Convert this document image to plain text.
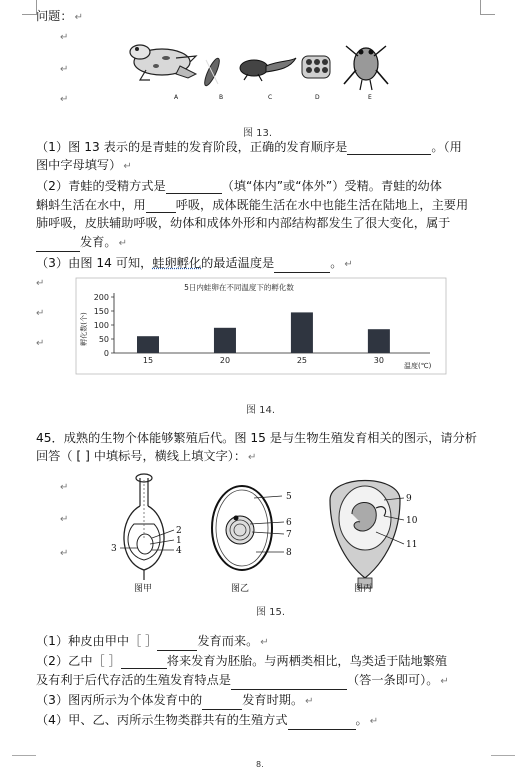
问题： ↵
↵
↵
↵	A	B	C	D	E
图 13.
（1）图 13 表示的是青蛙的发育阶段，正确的发育顺序是	。（用
图中字母填写） ↵
（2）青蛙的受精方式是	（填“体内”或“体外”）受精。青蛙的幼体
蝌蚪生活在水中，用 呼吸，成体既能生活在水中也能生活在陆地上，主要用
肺呼吸，皮肤辅助呼吸，幼体和成体外形和内部结构都发生了很大变化，属于
发育。 ↵
（3）由图 14 可知，蛙卵孵化的最适温度是	。 ↵
↵
↵
↵
5日内蛙卵在不同温度下的孵化数
孵化数(个)
温度(℃)
0
50
100
150
200
15	20	25	30
图 14.
45．成熟的生物个体能够繁殖后代。图 15 是与生物生殖发育相关的图示，请分析
回答（ [ ] 中填标号，横线上填文字）： ↵
↵
↵
↵
2
1
3	4
图甲
5
6
7
8
图乙
9
10
11
图丙
图 15.
（1）种皮由甲中［ ］	发育而来。 ↵
（2）乙中［ ］	将来发育为胚胎。与两栖类相比，鸟类适于陆地繁殖
及有利于后代存活的生殖发育特点是	（答一条即可）。 ↵
（3）图丙所示为个体发育中的	发育时期。 ↵
（4）甲、乙、丙所示生物类群共有的生殖方式	。 ↵
8.
